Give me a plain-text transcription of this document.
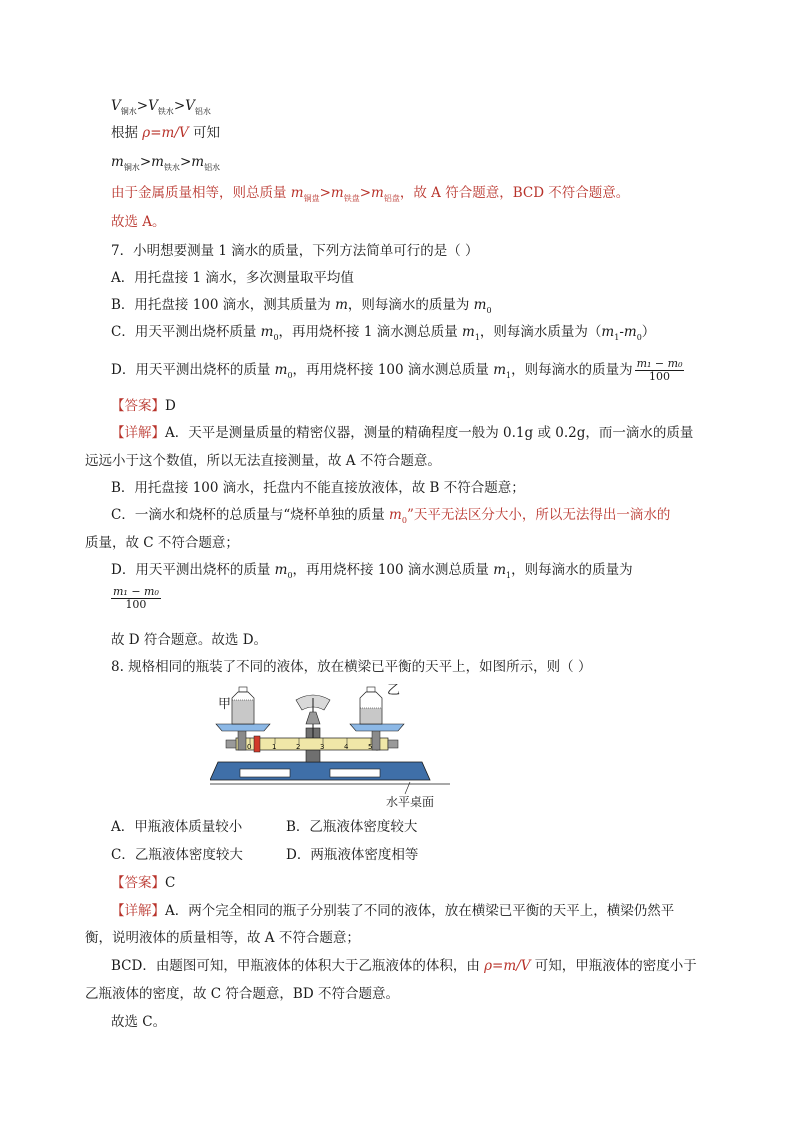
$V_{铜水}>V_{铁水}>V_{铝水}$
根据 ρ=m/V 可知
$m_{铜水}>m_{铁水}>m_{铝水}$
由于金属质量相等，则总质量 $m_{铜盘}>m_{铁盘}>m_{铝盘}$，故 A 符合题意，BCD 不符合题意。
故选 A。
7．小明想要测量 1 滴水的质量，下列方法简单可行的是（ ）
A．用托盘接 1 滴水，多次测量取平均值
B．用托盘接 100 滴水，测其质量为 m，则每滴水的质量为 $m_0$
C．用天平测出烧杯质量 $m_0$，再用烧杯接 1 滴水测总质量 $m_1$，则每滴水质量为$(m_1-m_0)$
D．用天平测出烧杯的质量 $m_0$，再用烧杯接 100 滴水测总质量 $m_1$，则每滴水的质量为 $\frac{\text{m₁ − m₀}}{100}$
【答案】D
【详解】A．天平是测量质量的精密仪器，测量的精确程度一般为 0.1g 或 0.2g，而一滴水的质量
远远小于这个数值，所以无法直接测量，故 A 不符合题意。
B．用托盘接 100 滴水，托盘内不能直接放液体，故 B 不符合题意；
C．一滴水和烧杯的总质量与“烧杯单独的质量 $m_0$”天平无法区分大小，所以无法得出一滴水的
质量，故 C 不符合题意；
D．用天平测出烧杯的质量 $m_0$，再用烧杯接 100 滴水测总质量 $m_1$，则每滴水的质量为
$\frac{\text{m₁ − m₀}}{100}$
故 D 符合题意。故选 D。
8. 规格相同的瓶装了不同的液体，放在横梁已平衡的天平上，如图所示，则（ ）
水平桌面
0	1	2	3	4	5
甲
乙
A．甲瓶液体质量较小	B．乙瓶液体密度较大
C．乙瓶液体密度较大	D．两瓶液体密度相等
【答案】C
【详解】A．两个完全相同的瓶子分别装了不同的液体，放在横梁已平衡的天平上，横梁仍然平
衡，说明液体的质量相等，故 A 不符合题意；
BCD．由题图可知，甲瓶液体的体积大于乙瓶液体的体积，由 ρ=m/V 可知，甲瓶液体的密度小于
乙瓶液体的密度，故 C 符合题意，BD 不符合题意。
故选 C。
